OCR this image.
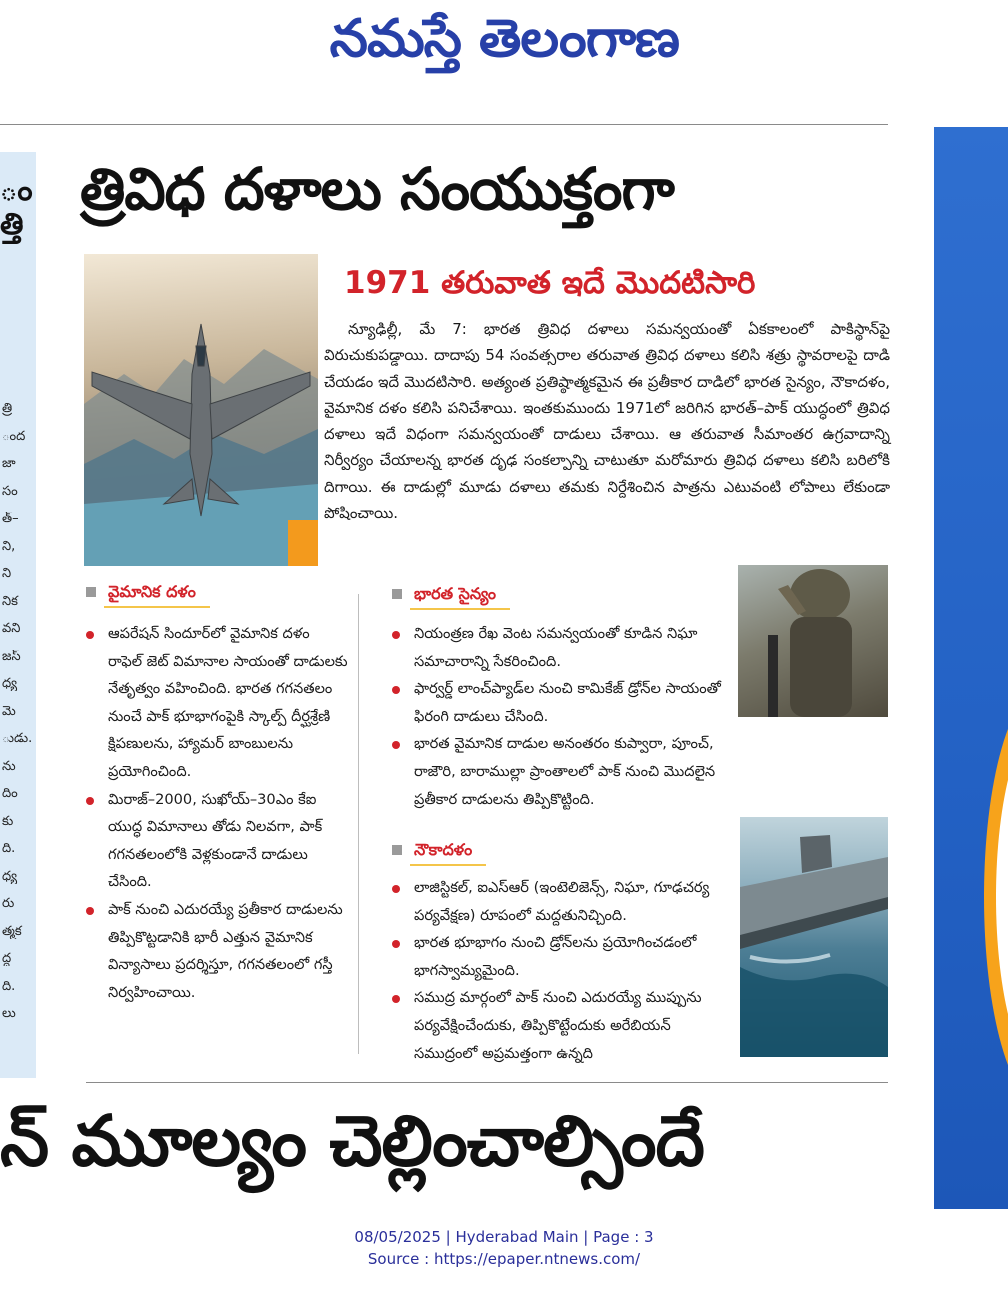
నమస్తే తెలంగాణ
ం
త్తి
త్రి
ంద
జా
సం
త్–
ని,
ని
నిక
వని
జస్
ధ్య
మె
ుడు.
ను
దిం
కు
ది.
ధ్య
రు
త్మక
ద్ధ
ది.
లు
త్రివిధ దళాలు సంయుక్తంగా
1971 తరువాత ఇదే మొదటిసారి

న్యూఢిల్లీ, మే 7: భారత త్రివిధ దళాలు సమన్వయంతో ఏకకాలంలో పాకిస్థాన్‌పై విరుచుకుపడ్డాయి. దాదాపు 54 సంవత్సరాల తరువాత త్రివిధ దళాలు కలిసి శత్రు స్థావరాలపై దాడి చేయడం ఇదే మొదటిసారి. అత్యంత ప్రతిష్ఠాత్మకమైన ఈ ప్రతీకార దాడిలో భారత సైన్యం, నౌకాదళం, వైమానిక దళం కలిసి పనిచేశాయి. ఇంతకుముందు 1971లో జరిగిన భారత్‌–పాక్‌ యుద్ధంలో త్రివిధ దళాలు ఇదే విధంగా సమన్వయంతో దాడులు చేశాయి. ఆ తరువాత సీమాంతర ఉగ్రవాదాన్ని నిర్వీర్యం చేయాలన్న భారత దృఢ సంకల్పాన్ని చాటుతూ మరోమారు త్రివిధ దళాలు కలిసి బరిలోకి దిగాయి. ఈ దాడుల్లో మూడు దళాలు తమకు నిర్దేశించిన పాత్రను ఎటువంటి లోపాలు లేకుండా పోషించాయి.

వైమానిక దళం
ఆపరేషన్‌ సిందూర్‌లో వైమానిక దళం రాఫెల్‌ జెట్‌ విమానాల సాయంతో దాడులకు నేతృత్వం వహించింది. భారత గగనతలం నుంచే పాక్‌ భూభాగంపైకి స్కాల్ప్‌ దీర్ఘశ్రేణి క్షిపణులను, హ్యామర్‌ బాంబులను ప్రయోగించింది.
మిరాజ్‌–2000, సుఖోయ్‌–30ఎం కేఐ యుద్ధ విమానాలు తోడు నిలవగా, పాక్‌ గగనతలంలోకి వెళ్లకుండానే దాడులు చేసింది.
పాక్‌ నుంచి ఎదురయ్యే ప్రతీకార దాడులను తిప్పికొట్టడానికి భారీ ఎత్తున వైమానిక విన్యాసాలు ప్రదర్శిస్తూ, గగనతలంలో గస్తీ నిర్వహించాయి.
భారత సైన్యం
నియంత్రణ రేఖ వెంట సమన్వయంతో కూడిన నిఘా సమాచారాన్ని సేకరించింది.
ఫార్వర్డ్‌ లాంచ్‌ప్యాడ్‌ల నుంచి కామికేజ్‌ డ్రోన్‌ల సాయంతో ఫిరంగి దాడులు చేసింది.
భారత వైమానిక దాడుల అనంతరం కుప్వారా, పూంచ్‌, రాజౌరి, బారాముల్లా ప్రాంతాలలో పాక్‌ నుంచి మొదలైన ప్రతీకార దాడులను తిప్పికొట్టింది.
నౌకాదళం
లాజిస్టికల్‌, ఐఎస్‌ఆర్‌ (ఇంటెలిజెన్స్‌, నిఘా, గూఢచర్య పర్యవేక్షణ) రూపంలో మద్దతునిచ్చింది.
భారత భూభాగం నుంచి డ్రోన్‌లను ప్రయోగించడంలో భాగస్వామ్యమైంది.
సముద్ర మార్గంలో పాక్‌ నుంచి ఎదురయ్యే ముప్పును పర్యవేక్షించేందుకు, తిప్పికొట్టేందుకు అరేబియన్‌ సముద్రంలో అప్రమత్తంగా ఉన్నది
న్‌ మూల్యం చెల్లించాల్సిందే
08/05/2025 | Hyderabad Main | Page : 3
Source : https://epaper.ntnews.com/
